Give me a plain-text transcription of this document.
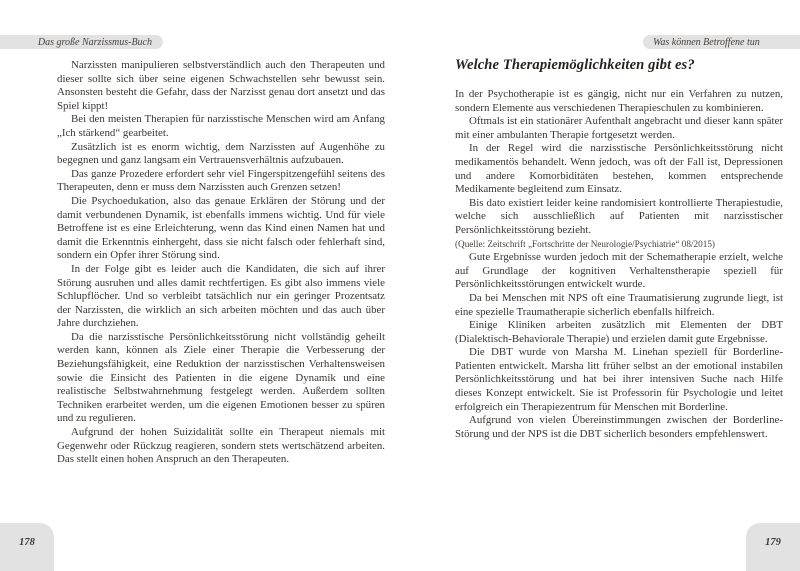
Das große Narzissmus-Buch

Narzissten manipulieren selbstverständlich auch den Therapeuten und dieser sollte sich über seine eigenen Schwachstellen sehr bewusst sein. Ansonsten besteht die Gefahr, dass der Narzisst genau dort ansetzt und das Spiel kippt!

Bei den meisten Therapien für narzisstische Menschen wird am Anfang „Ich stärkend“ gearbeitet.

Zusätzlich ist es enorm wichtig, dem Narzissten auf Augenhöhe zu begegnen und ganz langsam ein Vertrauensverhältnis aufzubauen.

Das ganze Prozedere erfordert sehr viel Fingerspitzengefühl seitens des Therapeuten, denn er muss dem Narzissten auch Grenzen setzen!

Die Psychoedukation, also das genaue Erklären der Störung und der damit verbundenen Dynamik, ist ebenfalls immens wichtig. Und für viele Betroffene ist es eine Erleichterung, wenn das Kind einen Namen hat und damit die Erkenntnis einhergeht, dass sie nicht falsch oder fehlerhaft sind, sondern ein Opfer ihrer Störung sind.

In der Folge gibt es leider auch die Kandidaten, die sich auf ihrer Störung ausruhen und alles damit rechtfertigen. Es gibt also immens viele Schlupflöcher. Und so verbleibt tatsächlich nur ein geringer Prozentsatz der Narzissten, die wirklich an sich arbeiten möchten und das auch über Jahre durchziehen.

Da die narzisstische Persönlichkeitsstörung nicht vollständig geheilt werden kann, können als Ziele einer Therapie die Verbesserung der Beziehungsfähigkeit, eine Reduktion der narzisstischen Verhaltensweisen sowie die Einsicht des Patienten in die eigene Dynamik und eine realistische Selbstwahrnehmung festgelegt werden. Außerdem sollten Techniken erarbeitet werden, um die eigenen Emotionen besser zu spüren und zu regulieren.

Aufgrund der hohen Suizidalität sollte ein Therapeut niemals mit Gegenwehr oder Rückzug reagieren, sondern stets wertschätzend arbeiten. Das stellt einen hohen Anspruch an den Therapeuten.

178
Was können Betroffene tun
Welche Therapiemöglichkeiten gibt es?

In der Psychotherapie ist es gängig, nicht nur ein Verfahren zu nutzen, sondern Elemente aus verschiedenen Therapieschulen zu kombinieren.

Oftmals ist ein stationärer Aufenthalt angebracht und dieser kann später mit einer ambulanten Therapie fortgesetzt werden.

In der Regel wird die narzisstische Persönlichkeitsstörung nicht medikamentös behandelt. Wenn jedoch, was oft der Fall ist, Depressionen und andere Komorbiditäten bestehen, kommen entsprechende Medikamente begleitend zum Einsatz.

Bis dato existiert leider keine randomisiert kontrollierte Therapiestudie, welche sich ausschließlich auf Patienten mit narzisstischer Persönlichkeitsstörung bezieht.

(Quelle: Zeitschrift „Fortschritte der Neurologie/Psychiatrie“ 08/2015)

Gute Ergebnisse wurden jedoch mit der Schematherapie erzielt, welche auf Grundlage der kognitiven Verhaltenstherapie speziell für Persönlichkeitsstörungen entwickelt wurde.

Da bei Menschen mit NPS oft eine Traumatisierung zugrunde liegt, ist eine spezielle Traumatherapie sicherlich ebenfalls hilfreich.

Einige Kliniken arbeiten zusätzlich mit Elementen der DBT (Dialektisch-Behaviorale Therapie) und erzielen damit gute Ergebnisse.

Die DBT wurde von Marsha M. Linehan speziell für Borderline-Patienten entwickelt. Marsha litt früher selbst an der emotional instabilen Persönlichkeitsstörung und hat bei ihrer intensiven Suche nach Hilfe dieses Konzept entwickelt. Sie ist Professorin für Psychologie und leitet erfolgreich ein Therapiezentrum für Menschen mit Borderline.

Aufgrund von vielen Übereinstimmungen zwischen der Borderline-Störung und der NPS ist die DBT sicherlich besonders empfehlenswert.

179
